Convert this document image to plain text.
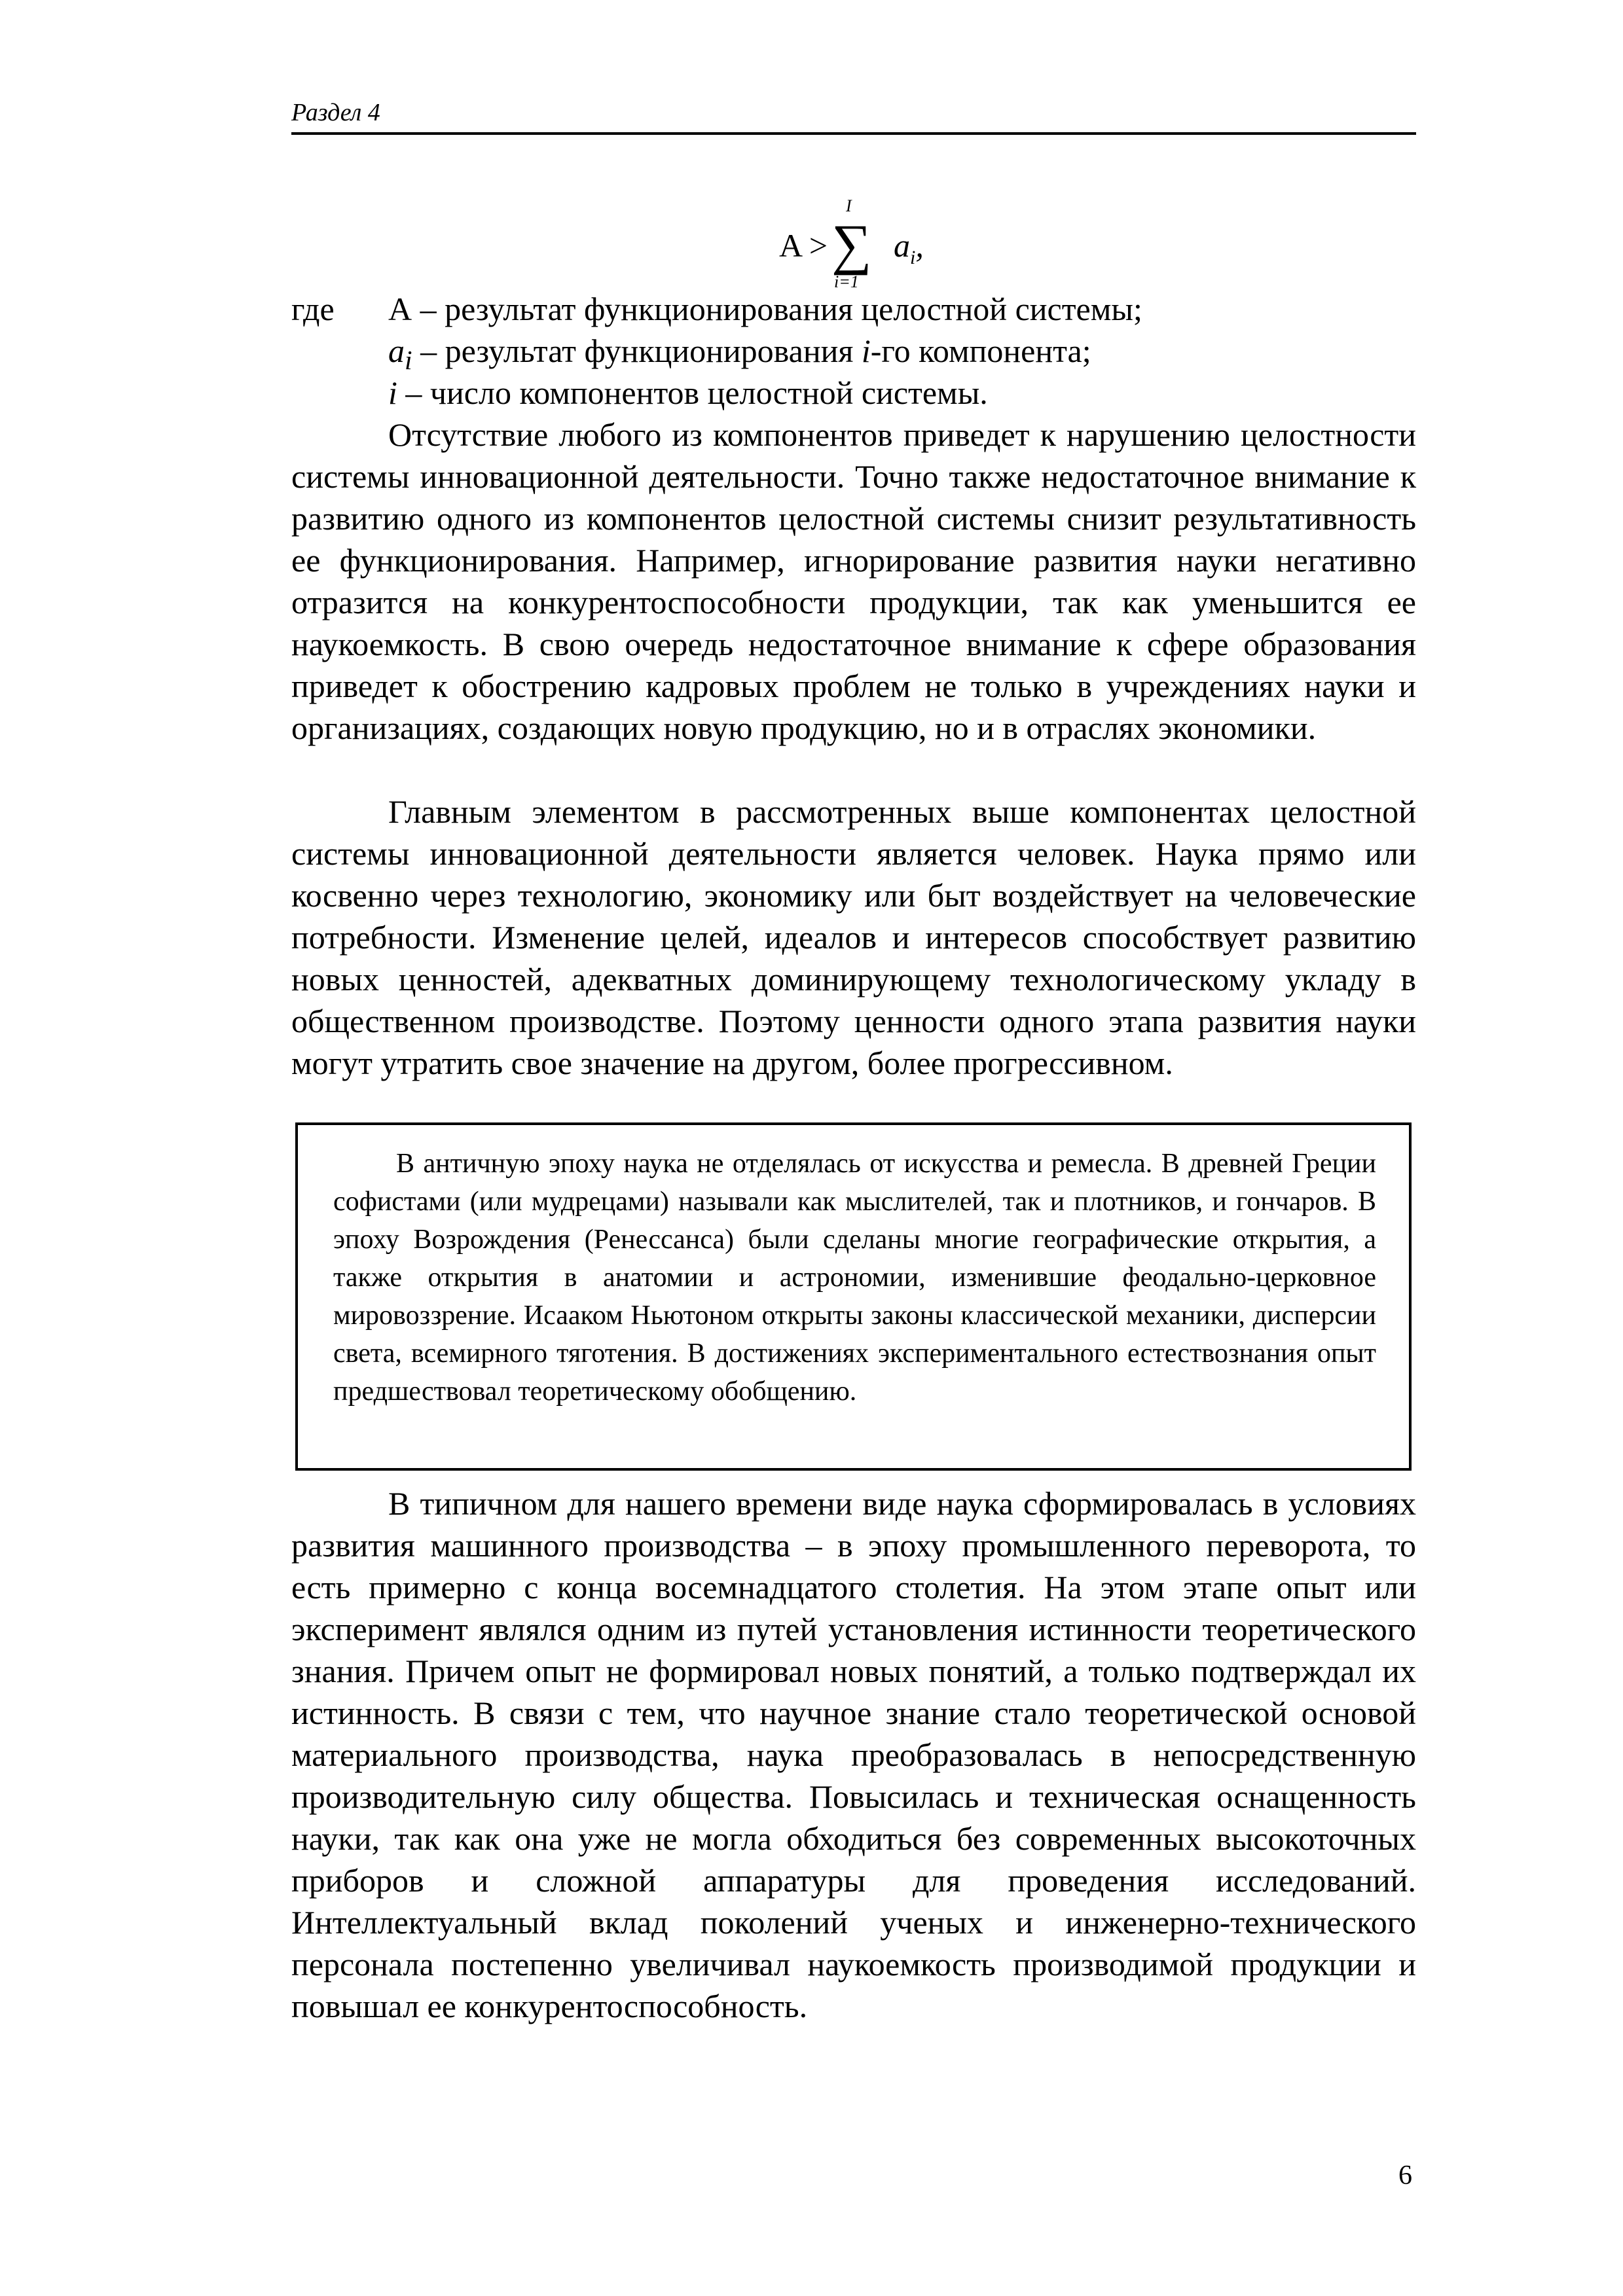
Раздел 4
A > ∑
I
i=1
$a_i$,
где А – результат функционирования целостной системы;
$a_i$ – результат функционирования i-го компонента;
i – число компонентов целостной системы.

Отсутствие любого из компонентов приведет к нарушению целостности системы инновационной деятельности. Точно также недостаточное внимание к развитию одного из компонентов целостной системы снизит результативность ее функционирования. Например, игнорирование развития науки негативно отразится на конкурентоспособности продукции, так как уменьшится ее наукоемкость. В свою очередь недостаточное внимание к сфере образования приведет к обострению кадровых проблем не только в учреждениях науки и организациях, создающих новую продукцию, но и в отраслях экономики.

Главным элементом в рассмотренных выше компонентах целостной системы инновационной деятельности является человек. Наука прямо или косвенно через технологию, экономику или быт воздействует на человеческие потребности. Изменение целей, идеалов и интересов способствует развитию новых ценностей, адекватных доминирующему технологическому укладу в общественном производстве. Поэтому ценности одного этапа развития науки могут утратить свое значение на другом, более прогрессивном.

В античную эпоху наука не отделялась от искусства и ремесла. В древней Греции софистами (или мудрецами) называли как мыслителей, так и плотников, и гончаров. В эпоху Возрождения (Ренессанса) были сделаны многие географические открытия, а также открытия в анатомии и астрономии, изменившие феодально-церковное мировоззрение. Исааком Ньютоном открыты законы классической механики, дисперсии света, всемирного тяготения. В достижениях экспериментального естествознания опыт предшествовал теоретическому обобщению.

В типичном для нашего времени виде наука сформировалась в условиях развития машинного производства – в эпоху промышленного переворота, то есть примерно с конца восемнадцатого столетия. На этом этапе опыт или эксперимент являлся одним из путей установления истинности теоретического знания. Причем опыт не формировал новых понятий, а только подтверждал их истинность. В связи с тем, что научное знание стало теоретической основой материального производства, наука преобразовалась в непосредственную производительную силу общества. Повысилась и техническая оснащенность науки, так как она уже не могла обходиться без современных высокоточных приборов и сложной аппаратуры для проведения исследований. Интеллектуальный вклад поколений ученых и инженерно-технического персонала постепенно увеличивал наукоемкость производимой продукции и повышал ее конкурентоспособность.

6
